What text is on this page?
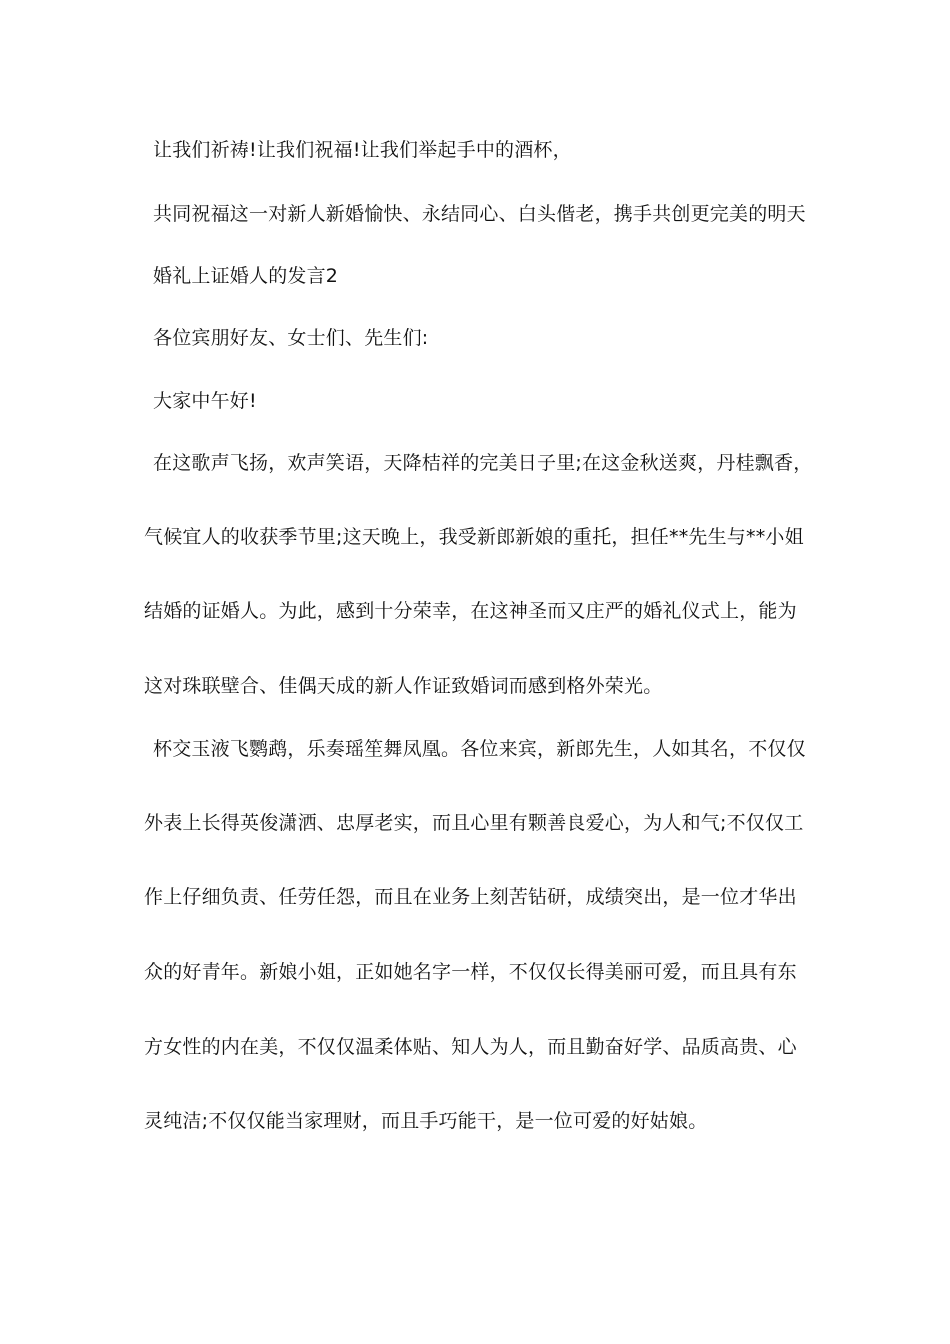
让我们祈祷!让我们祝福!让我们举起手中的酒杯，
共同祝福这一对新人新婚愉快、永结同心、白头偕老，携手共创更完美的明天
婚礼上证婚人的发言2
各位宾朋好友、女士们、先生们:
大家中午好!
在这歌声飞扬，欢声笑语，天降桔祥的完美日子里;在这金秋送爽，丹桂飘香，
气候宜人的收获季节里;这天晚上，我受新郎新娘的重托，担任**先生与**小姐
结婚的证婚人。为此，感到十分荣幸，在这神圣而又庄严的婚礼仪式上，能为
这对珠联壁合、佳偶天成的新人作证致婚词而感到格外荣光。
杯交玉液飞鹦鹉，乐奏瑶笙舞凤凰。各位来宾，新郎先生，人如其名，不仅仅
外表上长得英俊潇洒、忠厚老实，而且心里有颗善良爱心，为人和气;不仅仅工
作上仔细负责、任劳任怨，而且在业务上刻苦钻研，成绩突出，是一位才华出
众的好青年。新娘小姐，正如她名字一样，不仅仅长得美丽可爱，而且具有东
方女性的内在美，不仅仅温柔体贴、知人为人，而且勤奋好学、品质高贵、心
灵纯洁;不仅仅能当家理财，而且手巧能干，是一位可爱的好姑娘。
